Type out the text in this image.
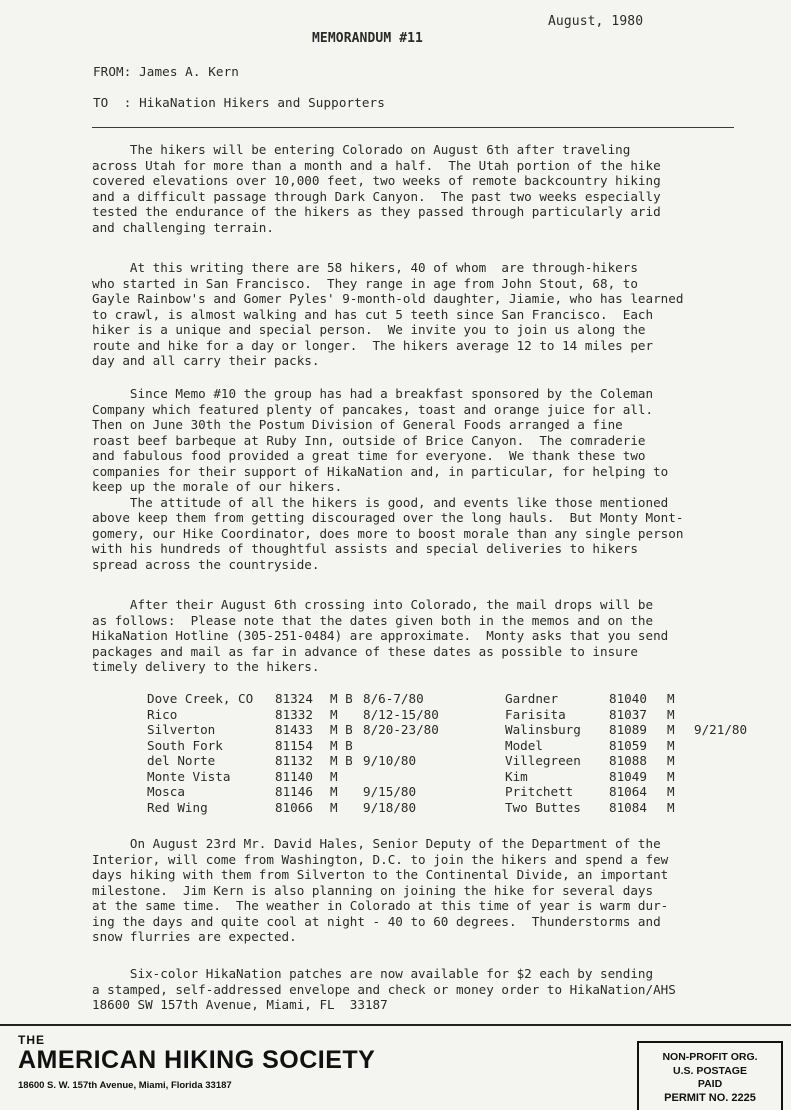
August, 1980
MEMORANDUM #11
FROM: James A. Kern
TO  : HikaNation Hikers and Supporters
The hikers will be entering Colorado on August 6th after traveling
across Utah for more than a month and a half.  The Utah portion of the hike
covered elevations over 10,000 feet, two weeks of remote backcountry hiking
and a difficult passage through Dark Canyon.  The past two weeks especially
tested the endurance of the hikers as they passed through particularly arid
and challenging terrain.
At this writing there are 58 hikers, 40 of whom  are through-hikers
who started in San Francisco.  They range in age from John Stout, 68, to
Gayle Rainbow's and Gomer Pyles' 9-month-old daughter, Jiamie, who has learned
to crawl, is almost walking and has cut 5 teeth since San Francisco.  Each
hiker is a unique and special person.  We invite you to join us along the
route and hike for a day or longer.  The hikers average 12 to 14 miles per
day and all carry their packs.
Since Memo #10 the group has had a breakfast sponsored by the Coleman
Company which featured plenty of pancakes, toast and orange juice for all.
Then on June 30th the Postum Division of General Foods arranged a fine
roast beef barbeque at Ruby Inn, outside of Brice Canyon.  The comraderie
and fabulous food provided a great time for everyone.  We thank these two
companies for their support of HikaNation and, in particular, for helping to
keep up the morale of our hikers.
The attitude of all the hikers is good, and events like those mentioned
above keep them from getting discouraged over the long hauls.  But Monty Mont-
gomery, our Hike Coordinator, does more to boost morale than any single person
with his hundreds of thoughtful assists and special deliveries to hikers
spread across the countryside.
After their August 6th crossing into Colorado, the mail drops will be
as follows:  Please note that the dates given both in the memos and on the
HikaNation Hotline (305-251-0484) are approximate.  Monty asks that you send
packages and mail as far in advance of these dates as possible to insure
timely delivery to the hikers.
Dove Creek, CO	81324	M B	8/6-7/80	Gardner	81040	M	
Rico	81332	M	8/12-15/80	Farisita	81037	M	
Silverton	81433	M B	8/20-23/80	Walinsburg	81089	M	9/21/80
South Fork	81154	M B		Model	81059	M	
del Norte	81132	M B	9/10/80	Villegreen	81088	M	
Monte Vista	81140	M		Kim	81049	M	
Mosca	81146	M	9/15/80	Pritchett	81064	M	
Red Wing	81066	M	9/18/80	Two Buttes	81084	M	
On August 23rd Mr. David Hales, Senior Deputy of the Department of the
Interior, will come from Washington, D.C. to join the hikers and spend a few
days hiking with them from Silverton to the Continental Divide, an important
milestone.  Jim Kern is also planning on joining the hike for several days
at the same time.  The weather in Colorado at this time of year is warm dur-
ing the days and quite cool at night - 40 to 60 degrees.  Thunderstorms and
snow flurries are expected.
Six-color HikaNation patches are now available for $2 each by sending
a stamped, self-addressed envelope and check or money order to HikaNation/AHS
18600 SW 157th Avenue, Miami, FL  33187
THE
AMERICAN HIKING SOCIETY
18600 S. W. 157th Avenue, Miami, Florida 33187
NON-PROFIT ORG.
U.S. POSTAGE
PAID
PERMIT NO. 2225
